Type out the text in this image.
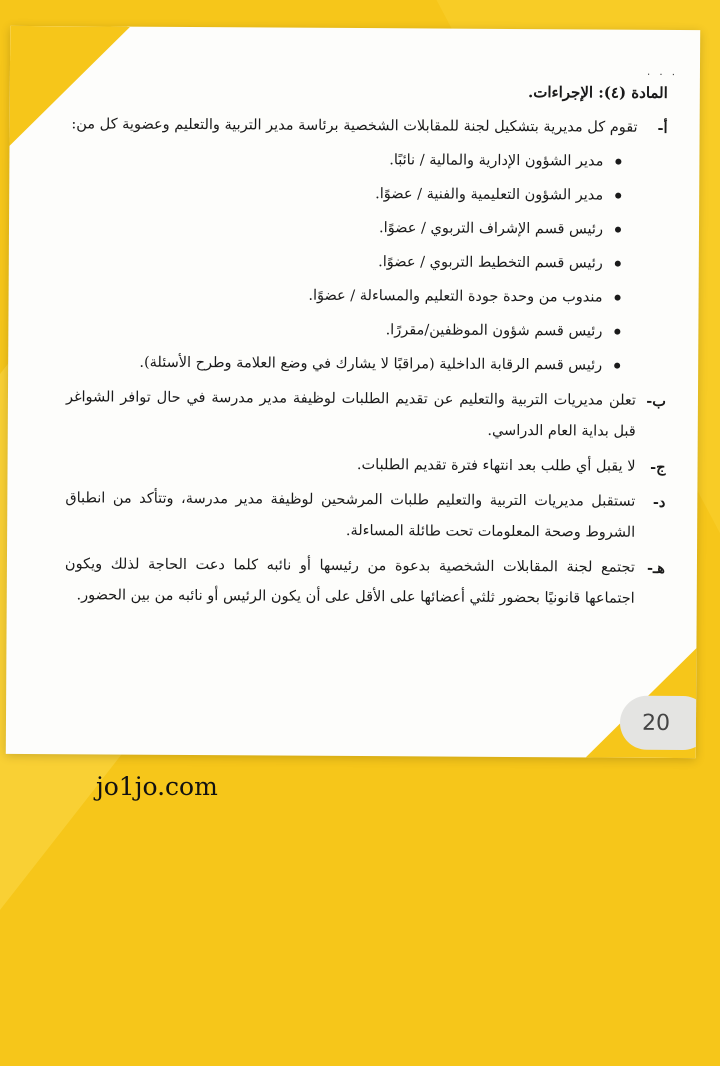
· · ·
المادة (٤): الإجراءات.
أ-
تقوم كل مديرية بتشكيل لجنة للمقابلات الشخصية برئاسة مدير التربية والتعليم وعضوية كل من:
مدير الشؤون الإدارية والمالية / نائبًا.
مدير الشؤون التعليمية والفنية / عضوًا.
رئيس قسم الإشراف التربوي / عضوًا.
رئيس قسم التخطيط التربوي / عضوًا.
مندوب من وحدة جودة التعليم والمساءلة / عضوًا.
رئيس قسم شؤون الموظفين/مقررًا.
رئيس قسم الرقابة الداخلية (مراقبًا لا يشارك في وضع العلامة وطرح الأسئلة).
ب-
تعلن مديريات التربية والتعليم عن تقديم الطلبات لوظيفة مدير مدرسة في حال توافر الشواغر قبل بداية العام الدراسي.
ج-
لا يقبل أي طلب بعد انتهاء فترة تقديم الطلبات.
د-
تستقبل مديريات التربية والتعليم طلبات المرشحين لوظيفة مدير مدرسة، وتتأكد من انطباق الشروط وصحة المعلومات تحت طائلة المساءلة.
هـ-
تجتمع لجنة المقابلات الشخصية بدعوة من رئيسها أو نائبه كلما دعت الحاجة لذلك ويكون اجتماعها قانونيًا بحضور ثلثي أعضائها على الأقل على أن يكون الرئيس أو نائبه من بين الحضور.
20
jo1jo.com
